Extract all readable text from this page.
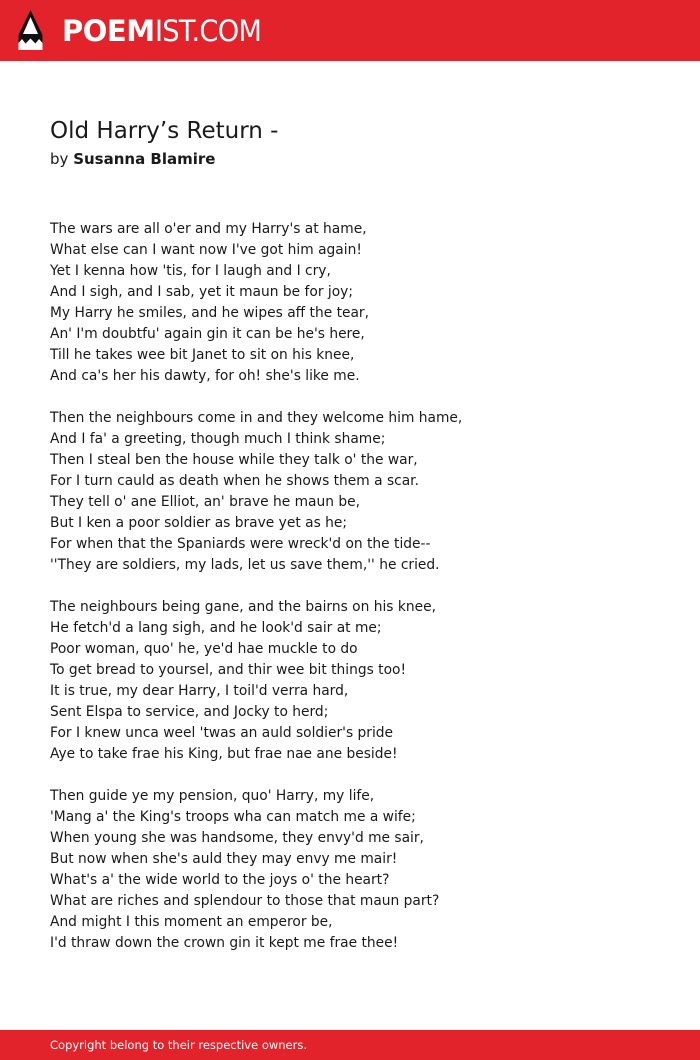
POEMIST.COM
Old Harry’s Return -
by Susanna Blamire
The wars are all o'er and my Harry's at hame,
What else can I want now I've got him again!
Yet I kenna how 'tis, for I laugh and I cry,
And I sigh, and I sab, yet it maun be for joy;
My Harry he smiles, and he wipes aff the tear,
An' I'm doubtfu' again gin it can be he's here,
Till he takes wee bit Janet to sit on his knee,
And ca's her his dawty, for oh! she's like me.
Then the neighbours come in and they welcome him hame,
And I fa' a greeting, though much I think shame;
Then I steal ben the house while they talk o' the war,
For I turn cauld as death when he shows them a scar.
They tell o' ane Elliot, an' brave he maun be,
But I ken a poor soldier as brave yet as he;
For when that the Spaniards were wreck'd on the tide--
''They are soldiers, my lads, let us save them,'' he cried.
The neighbours being gane, and the bairns on his knee,
He fetch'd a lang sigh, and he look'd sair at me;
Poor woman, quo' he, ye'd hae muckle to do
To get bread to yoursel, and thir wee bit things too!
It is true, my dear Harry, I toil'd verra hard,
Sent Elspa to service, and Jocky to herd;
For I knew unca weel 'twas an auld soldier's pride
Aye to take frae his King, but frae nae ane beside!
Then guide ye my pension, quo' Harry, my life,
'Mang a' the King's troops wha can match me a wife;
When young she was handsome, they envy'd me sair,
But now when she's auld they may envy me mair!
What's a' the wide world to the joys o' the heart?
What are riches and splendour to those that maun part?
And might I this moment an emperor be,
I'd thraw down the crown gin it kept me frae thee!
Copyright belong to their respective owners.
